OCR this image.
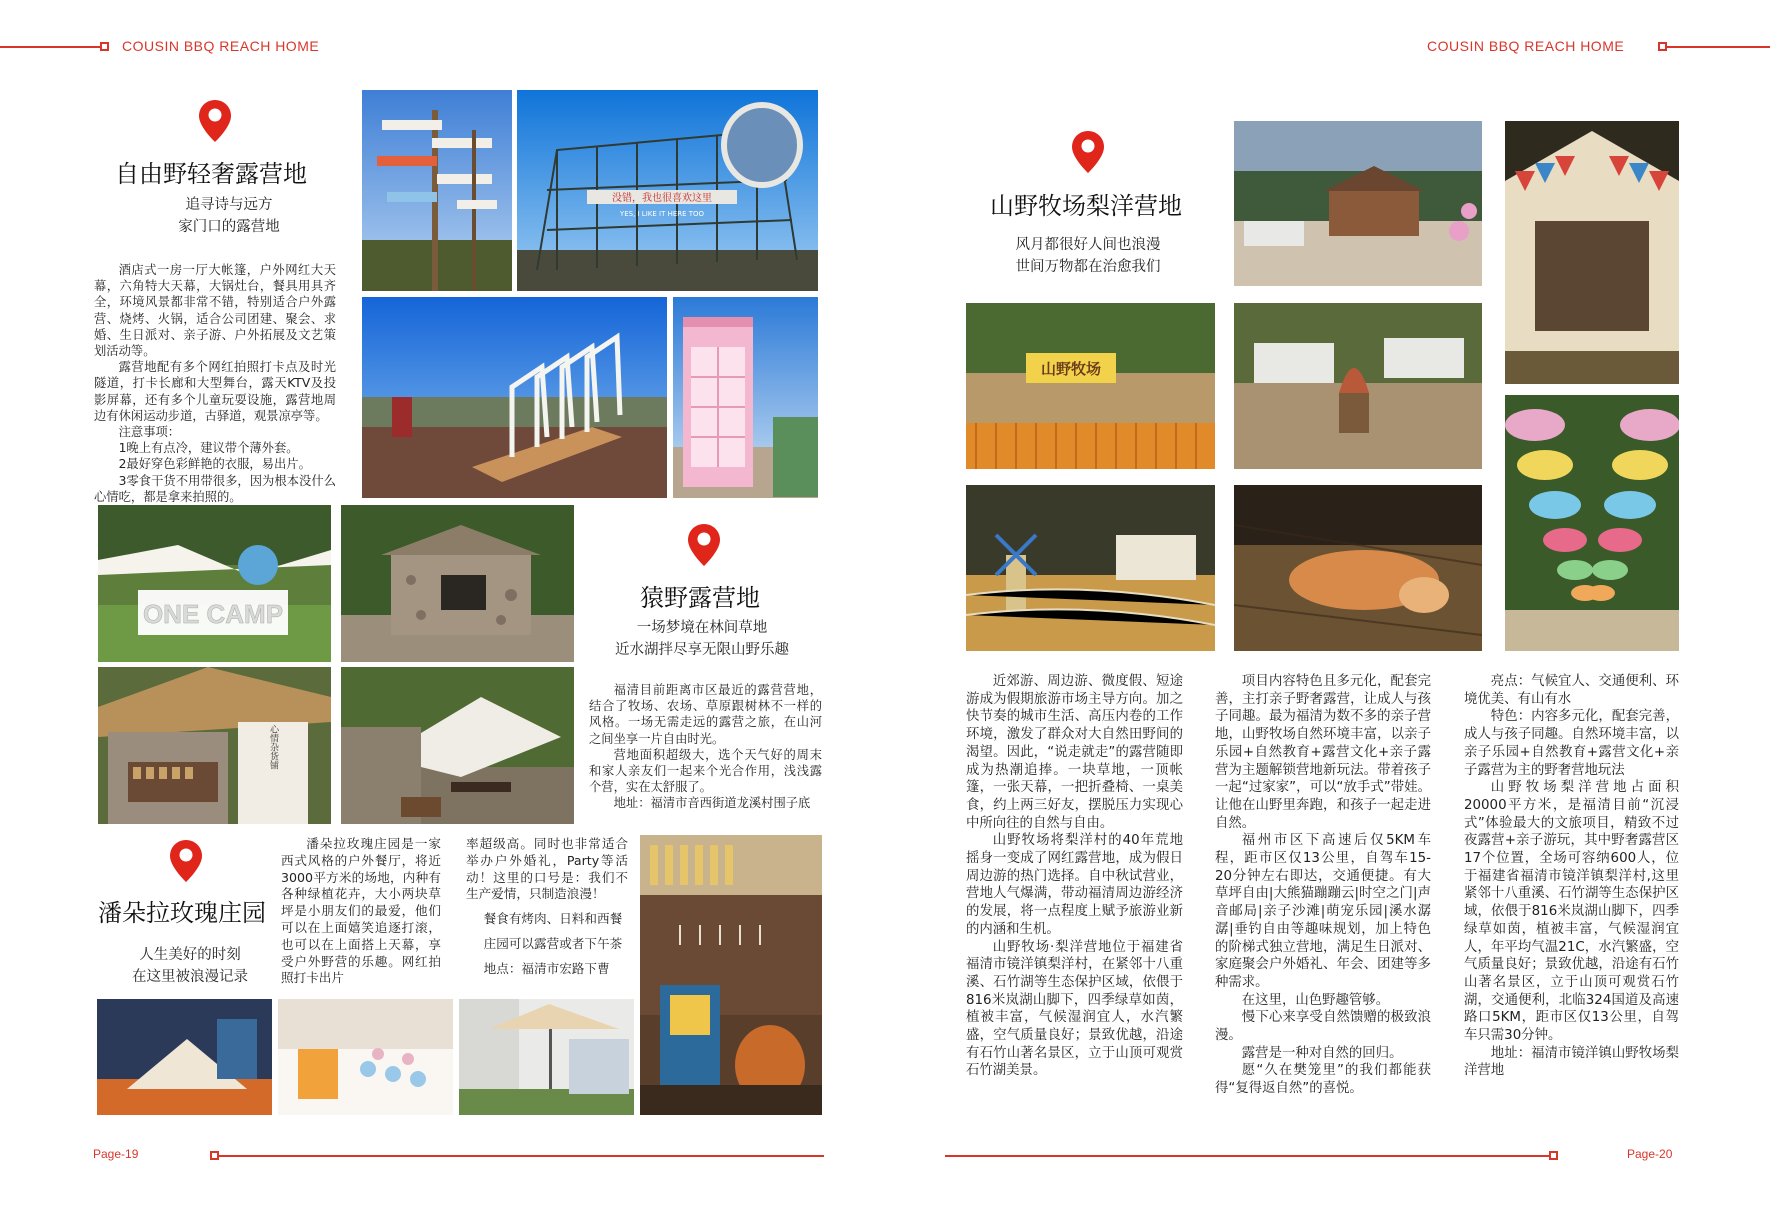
COUSIN BBQ REACH HOME	COUSIN BBQ REACH HOME
Page-19	Page-20
自由野轻奢露营地
追寻诗与远方
家门口的露营地

酒店式一房一厅大帐篷，户外网红大天幕，六角特大天幕，大锅灶台，餐具用具齐全，环境风景都非常不错，特别适合户外露营、烧烤、火锅，适合公司团建、聚会、求婚、生日派对、亲子游、户外拓展及文艺策划活动等。

露营地配有多个网红拍照打卡点及时光隧道，打卡长廊和大型舞台，露天KTV及投影屏幕，还有多个儿童玩耍设施，露营地周边有休闲运动步道，古驿道，观景凉亭等。

注意事项：

1晚上有点冷，建议带个薄外套。

2最好穿色彩鲜艳的衣服，易出片。

3零食干货不用带很多，因为根本没什么心情吃，都是拿来拍照的。

没错，我也很喜欢这里
YES, I LIKE IT HERE TOO
ONE CAMP
心情杂货铺
猿野露营地
一场梦境在林间草地
近水湖拌尽享无限山野乐趣

福清目前距离市区最近的露营营地，结合了牧场、农场、草原跟树林不一样的风格。一场无需走远的露营之旅，在山河之间坐享一片自由时光。

营地面积超级大，选个天气好的周末和家人亲友们一起来个光合作用，浅浅露个营，实在太舒服了。

地址：福清市音西街道龙溪村围子底

潘朵拉玫瑰庄园
人生美好的时刻
在这里被浪漫记录

潘朵拉玫瑰庄园是一家西式风格的户外餐厅，将近3000平方米的场地，内种有各种绿植花卉，大小两块草坪是小朋友们的最爱，他们可以在上面嬉笑追逐打滚，也可以在上面搭上天幕，享受户外野营的乐趣。网红拍照打卡出片

率超级高。同时也非常适合举办户外婚礼，Party等活动！这里的口号是：我们不生产爱情，只制造浪漫！

餐食有烤肉、日料和西餐

庄园可以露营或者下午茶

地点：福清市宏路下曹

山野牧场梨洋营地
风月都很好人间也浪漫
世间万物都在治愈我们
山野牧场

近郊游、周边游、微度假、短途游成为假期旅游市场主导方向。加之快节奏的城市生活、高压内卷的工作环境，激发了群众对大自然田野间的渴望。因此，“说走就走”的露营随即成为热潮追捧。一块草地，一顶帐篷，一张天幕，一把折叠椅、一桌美食，约上两三好友，摆脱压力实现心中所向往的自然与自由。

山野牧场将梨洋村的40年荒地摇身一变成了网红露营地，成为假日周边游的热门选择。自中秋试营业，营地人气爆满，带动福清周边游经济的发展，将一点程度上赋予旅游业新的内涵和生机。

山野牧场·梨洋营地位于福建省福清市镜洋镇梨洋村，在紧邻十八重溪、石竹湖等生态保护区域，依偎于816米岚湖山脚下，四季绿草如茵，植被丰富，气候湿润宜人，水汽繁盛，空气质量良好；景致优越，沿途有石竹山著名景区，立于山顶可观赏石竹湖美景。

项目内容特色且多元化，配套完善，主打亲子野奢露营，让成人与孩子同趣。最为福清为数不多的亲子营地，山野牧场自然环境丰富，以亲子乐园+自然教育+露营文化+亲子露营为主题解锁营地新玩法。带着孩子一起“过家家”，可以“放手式”带娃。让他在山野里奔跑，和孩子一起走进自然。

福州市区下高速后仅5KM车程，距市区仅13公里，自驾车15-20分钟左右即达，交通便捷。有大草坪自由|大熊猫蹦蹦云|时空之门|声音邮局|亲子沙滩|萌宠乐园|溪水潺潺|垂钓自由等趣味规划，加上特色的阶梯式独立营地，满足生日派对、家庭聚会户外婚礼、年会、团建等多种需求。

在这里，山色野趣管够。

慢下心来享受自然馈赠的极致浪漫。

露营是一种对自然的回归。

愿“久在樊笼里”的我们都能获得“复得返自然”的喜悦。

亮点：气候宜人、交通便利、环境优美、有山有水

特色：内容多元化，配套完善，成人与孩子同趣。自然环境丰富，以亲子乐园+自然教育+露营文化+亲子露营为主的野奢营地玩法

山野牧场梨洋营地占面积20000平方米，是福清目前“沉浸式”体验最大的文旅项目，精致不过夜露营+亲子游玩，其中野奢露营区17个位置，全场可容纳600人，位于福建省福清市镜洋镇梨洋村,这里紧邻十八重溪、石竹湖等生态保护区域，依偎于816米岚湖山脚下，四季绿草如茵，植被丰富，气候湿润宜人，年平均气温21C，水汽繁盛，空气质量良好；景致优越，沿途有石竹山著名景区，立于山顶可观赏石竹湖，交通便利，北临324国道及高速路口5KM，距市区仅13公里，自驾车只需30分钟。

地址：福清市镜洋镇山野牧场梨洋营地
